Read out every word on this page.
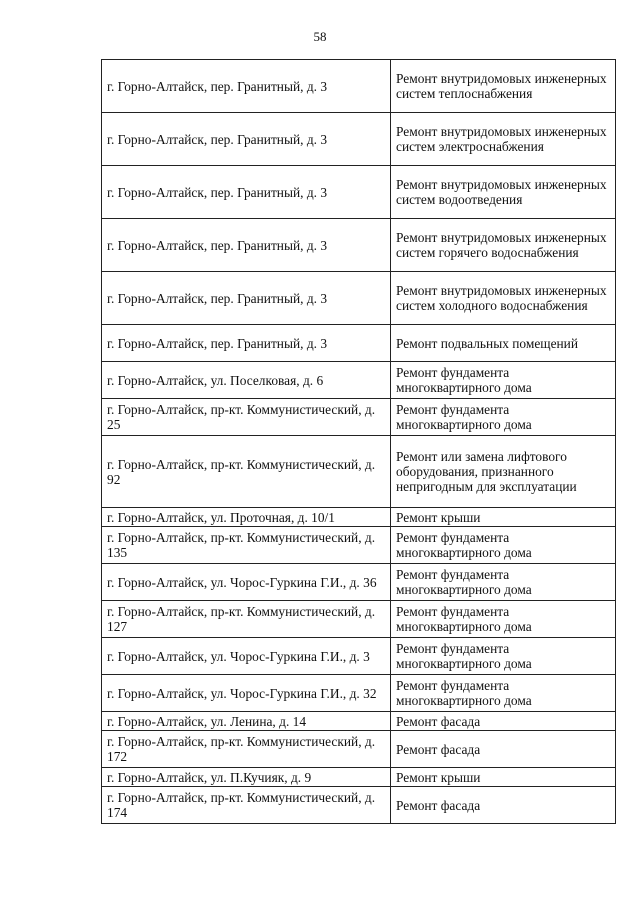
58
г. Горно-Алтайск, пер. Гранитный, д. 3	Ремонт внутридомовых инженерных систем теплоснабжения
г. Горно-Алтайск, пер. Гранитный, д. 3	Ремонт внутридомовых инженерных систем электроснабжения
г. Горно-Алтайск, пер. Гранитный, д. 3	Ремонт внутридомовых инженерных систем водоотведения
г. Горно-Алтайск, пер. Гранитный, д. 3	Ремонт внутридомовых инженерных систем горячего водоснабжения
г. Горно-Алтайск, пер. Гранитный, д. 3	Ремонт внутридомовых инженерных систем холодного водоснабжения
г. Горно-Алтайск, пер. Гранитный, д. 3	Ремонт подвальных помещений
г. Горно-Алтайск, ул. Поселковая, д. 6	Ремонт фундамента многоквартирного дома
г. Горно-Алтайск, пр-кт. Коммунистический, д. 25	Ремонт фундамента многоквартирного дома
г. Горно-Алтайск, пр-кт. Коммунистический, д. 92	Ремонт или замена лифтового оборудования, признанного непригодным для эксплуатации
г. Горно-Алтайск, ул. Проточная, д. 10/1	Ремонт крыши
г. Горно-Алтайск, пр-кт. Коммунистический, д. 135	Ремонт фундамента многоквартирного дома
г. Горно-Алтайск, ул. Чорос-Гуркина Г.И., д. 36	Ремонт фундамента многоквартирного дома
г. Горно-Алтайск, пр-кт. Коммунистический, д. 127	Ремонт фундамента многоквартирного дома
г. Горно-Алтайск, ул. Чорос-Гуркина Г.И., д. 3	Ремонт фундамента многоквартирного дома
г. Горно-Алтайск, ул. Чорос-Гуркина Г.И., д. 32	Ремонт фундамента многоквартирного дома
г. Горно-Алтайск, ул. Ленина, д. 14	Ремонт фасада
г. Горно-Алтайск, пр-кт. Коммунистический, д. 172	Ремонт фасада
г. Горно-Алтайск, ул. П.Кучияк, д. 9	Ремонт крыши
г. Горно-Алтайск, пр-кт. Коммунистический, д. 174	Ремонт фасада
